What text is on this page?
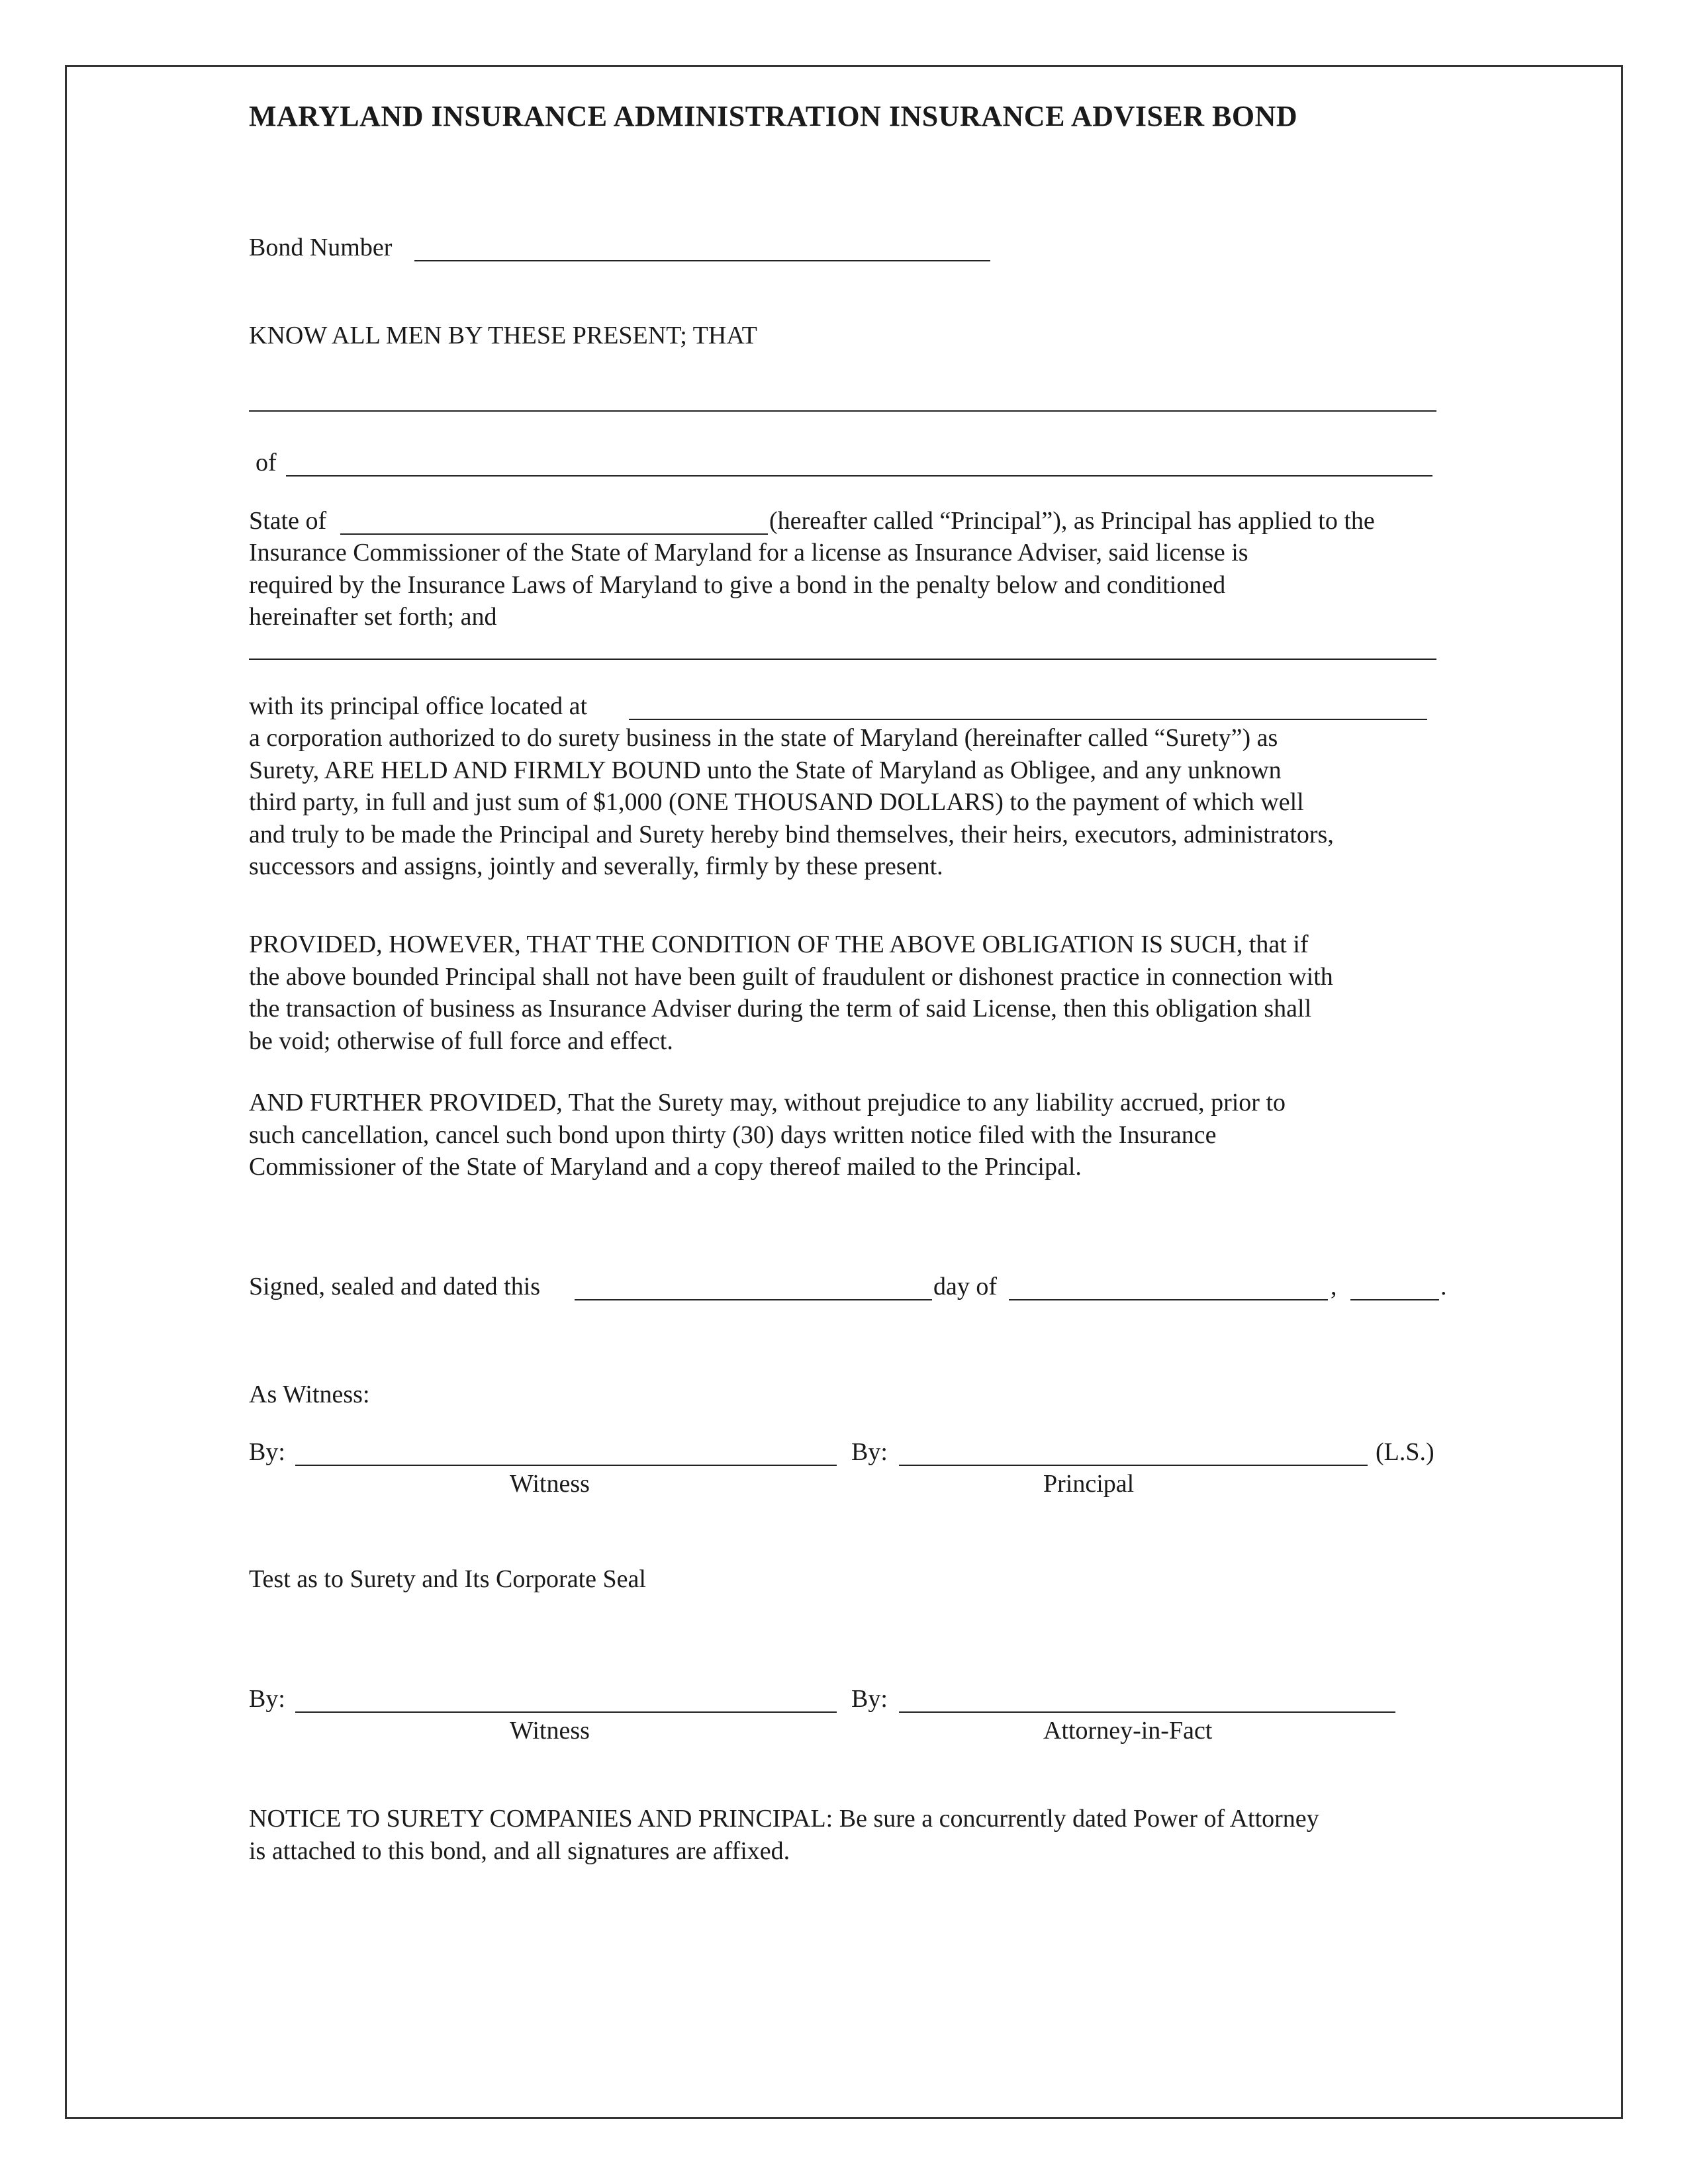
MARYLAND INSURANCE ADMINISTRATION INSURANCE ADVISER BOND
Bond Number
KNOW ALL MEN BY THESE PRESENT; THAT
of
State of	(hereafter called “Principal”), as Principal has applied to the
Insurance Commissioner of the State of Maryland for a license as Insurance Adviser, said license is
required by the Insurance Laws of Maryland to give a bond in the penalty below and conditioned
hereinafter set forth; and
with its principal office located at
a corporation authorized to do surety business in the state of Maryland (hereinafter called “Surety”) as
Surety, ARE HELD AND FIRMLY BOUND unto the State of Maryland as Obligee, and any unknown
third party, in full and just sum of $1,000 (ONE THOUSAND DOLLARS) to the payment of which well
and truly to be made the Principal and Surety hereby bind themselves, their heirs, executors, administrators,
successors and assigns, jointly and severally, firmly by these present.
PROVIDED, HOWEVER, THAT THE CONDITION OF THE ABOVE OBLIGATION IS SUCH, that if
the above bounded Principal shall not have been guilt of fraudulent or dishonest practice in connection with
the transaction of business as Insurance Adviser during the term of said License, then this obligation shall
be void; otherwise of full force and effect.
AND FURTHER PROVIDED, That the Surety may, without prejudice to any liability accrued, prior to
such cancellation, cancel such bond upon thirty (30) days written notice filed with the Insurance
Commissioner of the State of Maryland and a copy thereof mailed to the Principal.
Signed, sealed and dated this	day of	,	.
As Witness:
By:	By:	(L.S.)
Witness	Principal
Test as to Surety and Its Corporate Seal
By:	By:
Witness	Attorney-in-Fact
NOTICE TO SURETY COMPANIES AND PRINCIPAL: Be sure a concurrently dated Power of Attorney
is attached to this bond, and all signatures are affixed.
